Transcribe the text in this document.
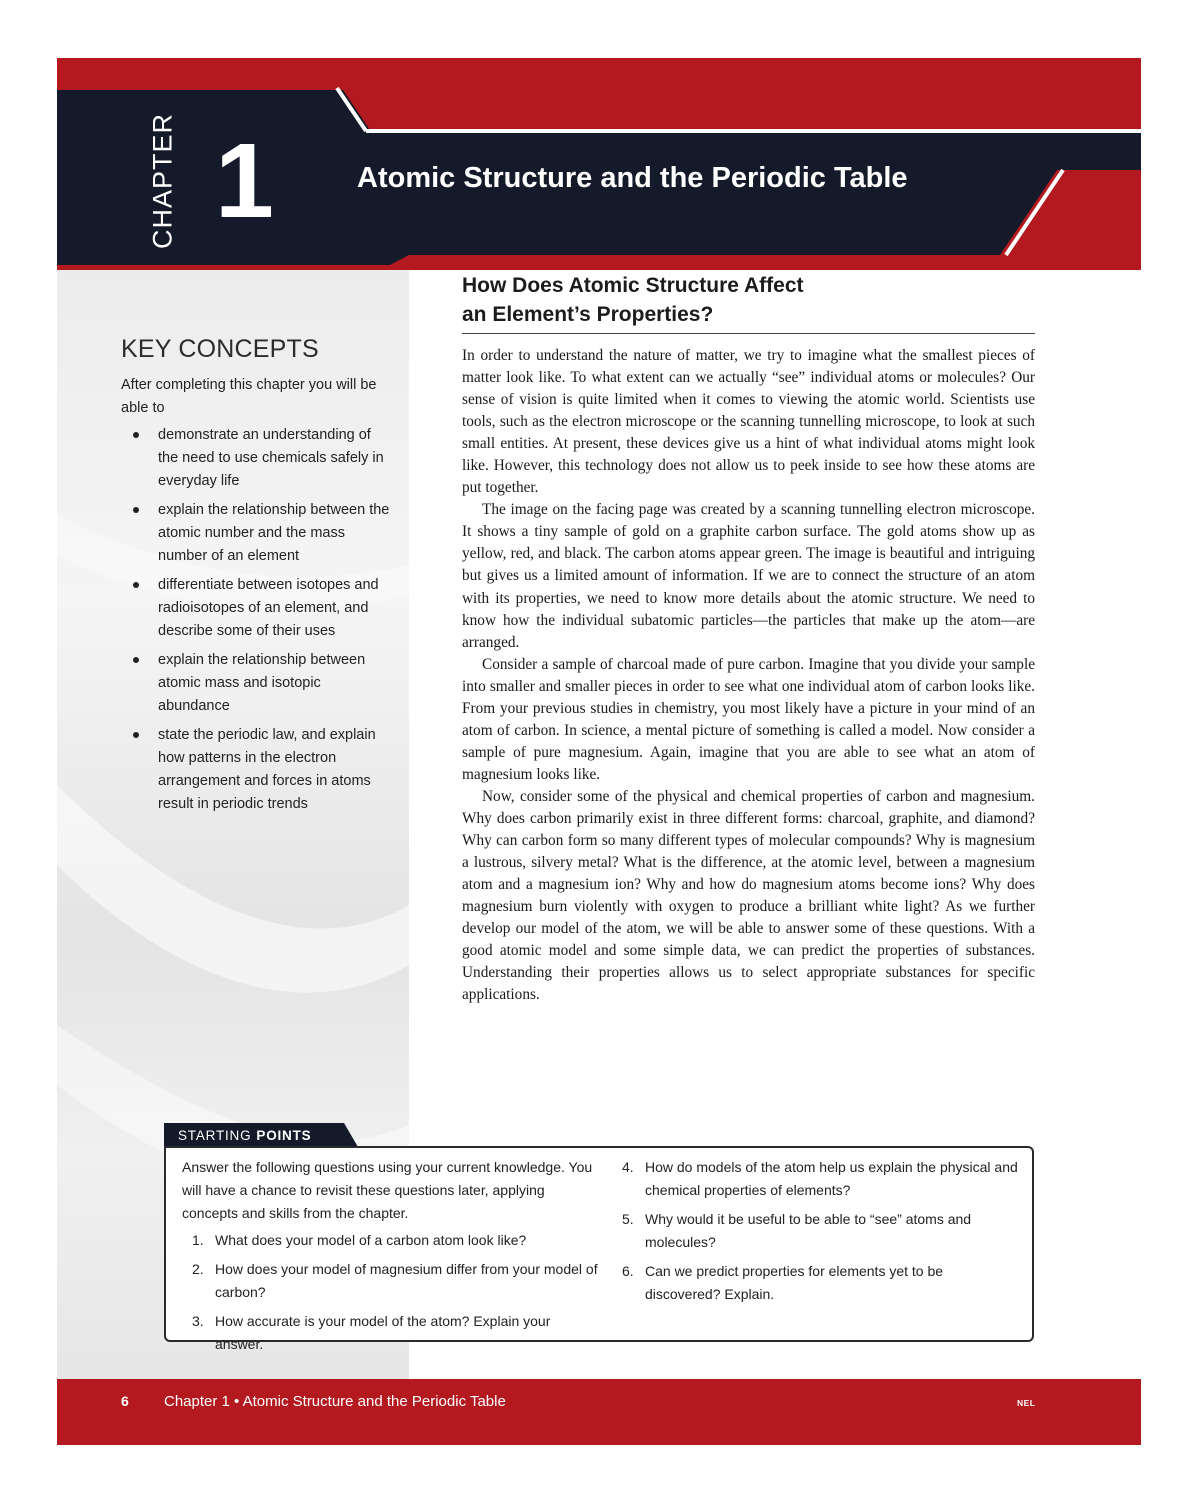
CHAPTER 1	Atomic Structure and the Periodic Table
KEY CONCEPTS
After completing this chapter you will be able to
demonstrate an understanding of the need to use chemicals safely in everyday life
explain the relationship between the atomic number and the mass number of an element
differentiate between isotopes and radioisotopes of an element, and describe some of their uses
explain the relationship between atomic mass and isotopic abundance
state the periodic law, and explain how patterns in the electron arrangement and forces in atoms result in periodic trends
How Does Atomic Structure Affect
an Element’s Properties?

In order to understand the nature of matter, we try to imagine what the smallest pieces of matter look like. To what extent can we actually “see” individual atoms or molecules? Our sense of vision is quite limited when it comes to viewing the atomic world. Scientists use tools, such as the electron microscope or the scanning tunnelling microscope, to look at such small entities. At present, these devices give us a hint of what individual atoms might look like. However, this technology does not allow us to peek inside to see how these atoms are put together.

The image on the facing page was created by a scanning tunnelling electron microscope. It shows a tiny sample of gold on a graphite carbon surface. The gold atoms show up as yellow, red, and black. The carbon atoms appear green. The image is beautiful and intriguing but gives us a limited amount of information. If we are to connect the structure of an atom with its properties, we need to know more details about the atomic structure. We need to know how the individual subatomic particles—the particles that make up the atom—are arranged.

Consider a sample of charcoal made of pure carbon. Imagine that you divide your sample into smaller and smaller pieces in order to see what one individual atom of carbon looks like. From your previous studies in chemistry, you most likely have a picture in your mind of an atom of carbon. In science, a mental picture of something is called a model. Now consider a sample of pure magnesium. Again, imagine that you are able to see what an atom of magnesium looks like.

Now, consider some of the physical and chemical properties of carbon and magnesium. Why does carbon primarily exist in three different forms: charcoal, graphite, and diamond? Why can carbon form so many different types of molecular compounds? Why is magnesium a lustrous, silvery metal? What is the difference, at the atomic level, between a magnesium atom and a magnesium ion? Why and how do magnesium atoms become ions? Why does magnesium burn violently with oxygen to produce a brilliant white light? As we further develop our model of the atom, we will be able to answer some of these questions. With a good atomic model and some simple data, we can predict the properties of substances. Understanding their properties allows us to select appropriate substances for specific applications.

STARTING POINTS
Answer the following questions using your current knowledge. You will have a chance to revisit these questions later, applying concepts and skills from the chapter.
1. What does your model of a carbon atom look like?
2. How does your model of magnesium differ from your model of carbon?
3. How accurate is your model of the atom? Explain your answer.
4. How do models of the atom help us explain the physical and chemical properties of elements?
5. Why would it be useful to be able to “see” atoms and molecules?
6. Can we predict properties for elements yet to be discovered? Explain.
6 Chapter 1 • Atomic Structure and the Periodic Table	NEL
